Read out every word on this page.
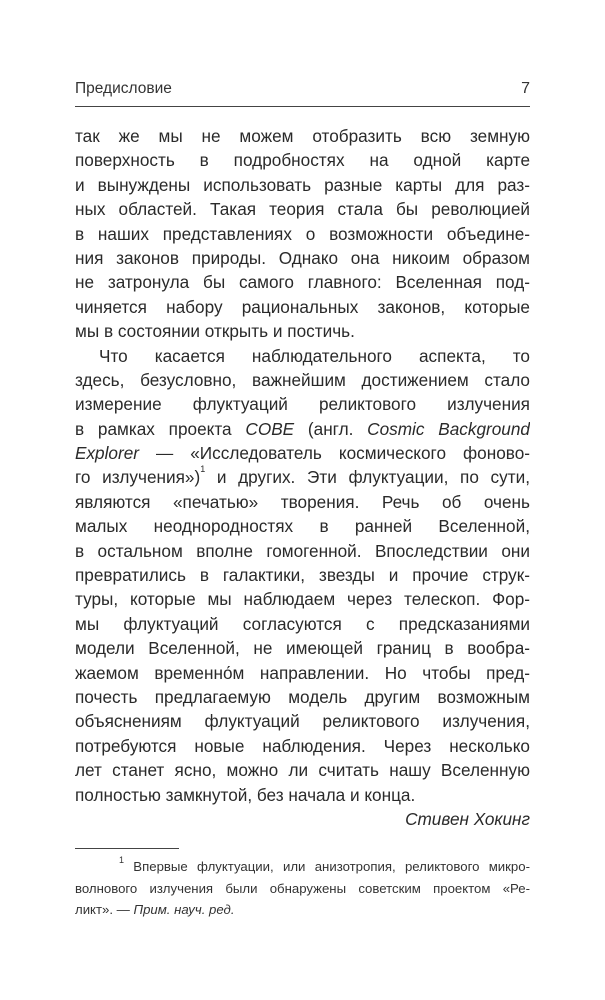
Предисловие	7
так же мы не можем отобразить всю земную
поверхность в подробностях на одной карте
и вынуждены использовать разные карты для раз-
ных областей. Такая теория стала бы революцией
в наших представлениях о возможности объедине-
ния законов природы. Однако она никоим образом
не затронула бы самого главного: Вселенная под-
чиняется набору рациональных законов, которые
мы в состоянии открыть и постичь.
Что касается наблюдательного аспекта, то
здесь, безусловно, важнейшим достижением стало
измерение флуктуаций реликтового излучения
в рамках проекта COBE (англ. Cosmic Background
Explorer — «Исследователь космического фоново-
го излучения»)$^1$ и других. Эти флуктуации, по сути,
являются «печатью» творения. Речь об очень
малых неоднородностях в ранней Вселенной,
в остальном вполне гомогенной. Впоследствии они
превратились в галактики, звезды и прочие струк-
туры, которые мы наблюдаем через телескоп. Фор-
мы флуктуаций согласуются с предсказаниями
модели Вселенной, не имеющей границ в вообра-
жаемом временно́м направлении. Но чтобы пред-
почесть предлагаемую модель другим возможным
объяснениям флуктуаций реликтового излучения,
потребуются новые наблюдения. Через несколько
лет станет ясно, можно ли считать нашу Вселенную
полностью замкнутой, без начала и конца.
Стивен Хокинг
$^1$ Впервые флуктуации, или анизотропия, реликтового микро-
волнового излучения были обнаружены советским проектом «Ре-
ликт». — Прим. науч. ред.
